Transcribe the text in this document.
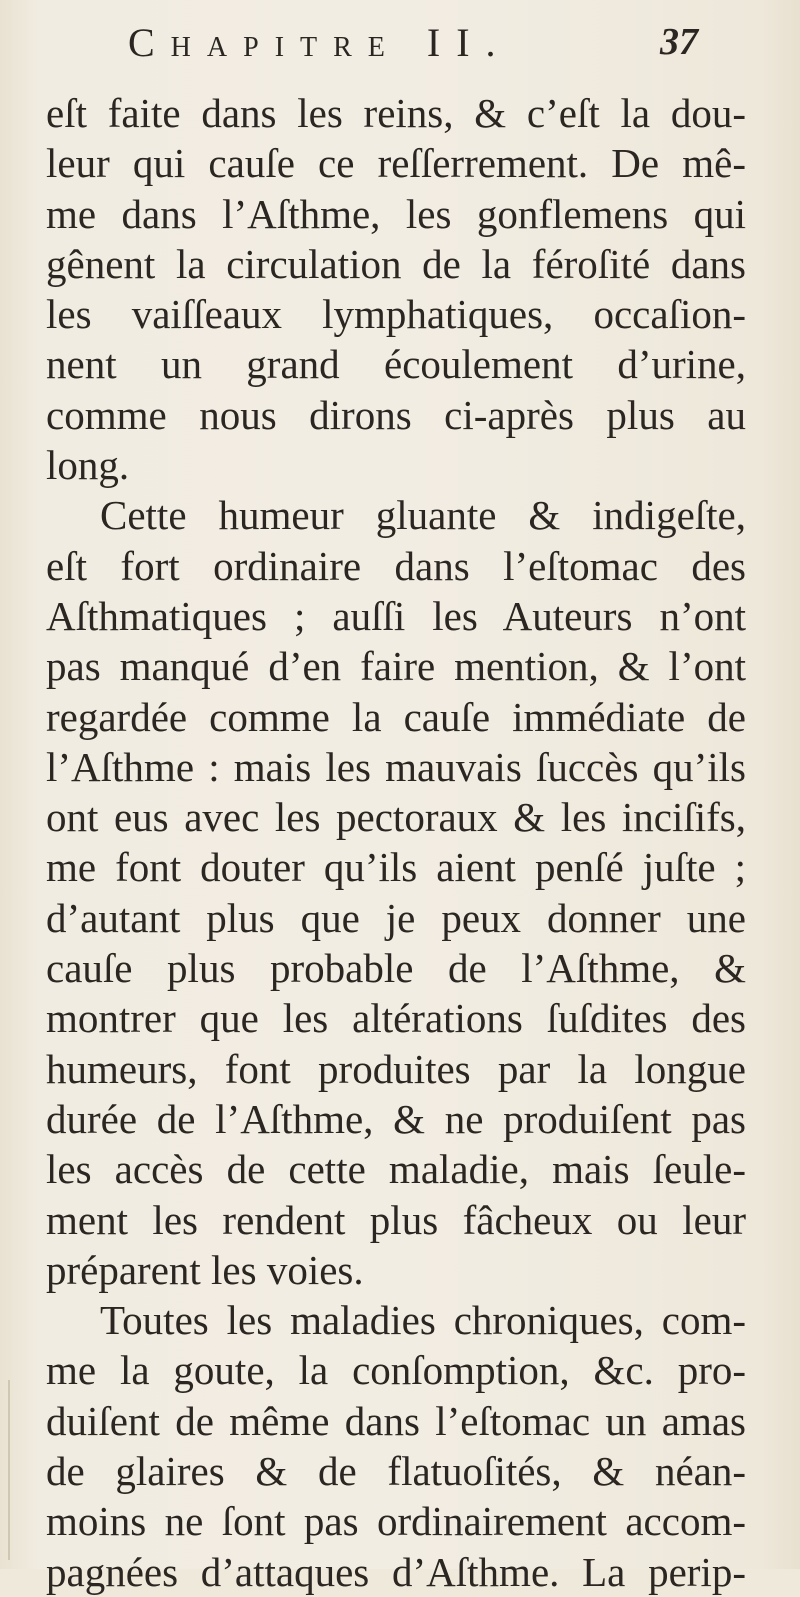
Chapitre II.	37
eſt faite dans les reins, & c’eſt la dou-
leur qui cauſe ce reſſerrement. De mê-
me dans l’Aſthme, les gonflemens qui
gênent la circulation de la féroſité dans
les vaiſſeaux lymphatiques, occaſion-
nent un grand écoulement d’urine,
comme nous dirons ci-après plus au
long.
Cette humeur gluante & indigeſte,
eſt fort ordinaire dans l’eſtomac des
Aſthmatiques ; auſſi les Auteurs n’ont
pas manqué d’en faire mention, & l’ont
regardée comme la cauſe immédiate de
l’Aſthme : mais les mauvais ſuccès qu’ils
ont eus avec les pectoraux & les inciſifs,
me font douter qu’ils aient penſé juſte ;
d’autant plus que je peux donner une
cauſe plus probable de l’Aſthme, &
montrer que les altérations ſuſdites des
humeurs, font produites par la longue
durée de l’Aſthme, & ne produiſent pas
les accès de cette maladie, mais ſeule-
ment les rendent plus fâcheux ou leur
préparent les voies.
Toutes les maladies chroniques, com-
me la goute, la conſomption, &c. pro-
duiſent de même dans l’eſtomac un amas
de glaires & de flatuoſités, & néan-
moins ne ſont pas ordinairement accom-
pagnées d’attaques d’Aſthme. La perip-
